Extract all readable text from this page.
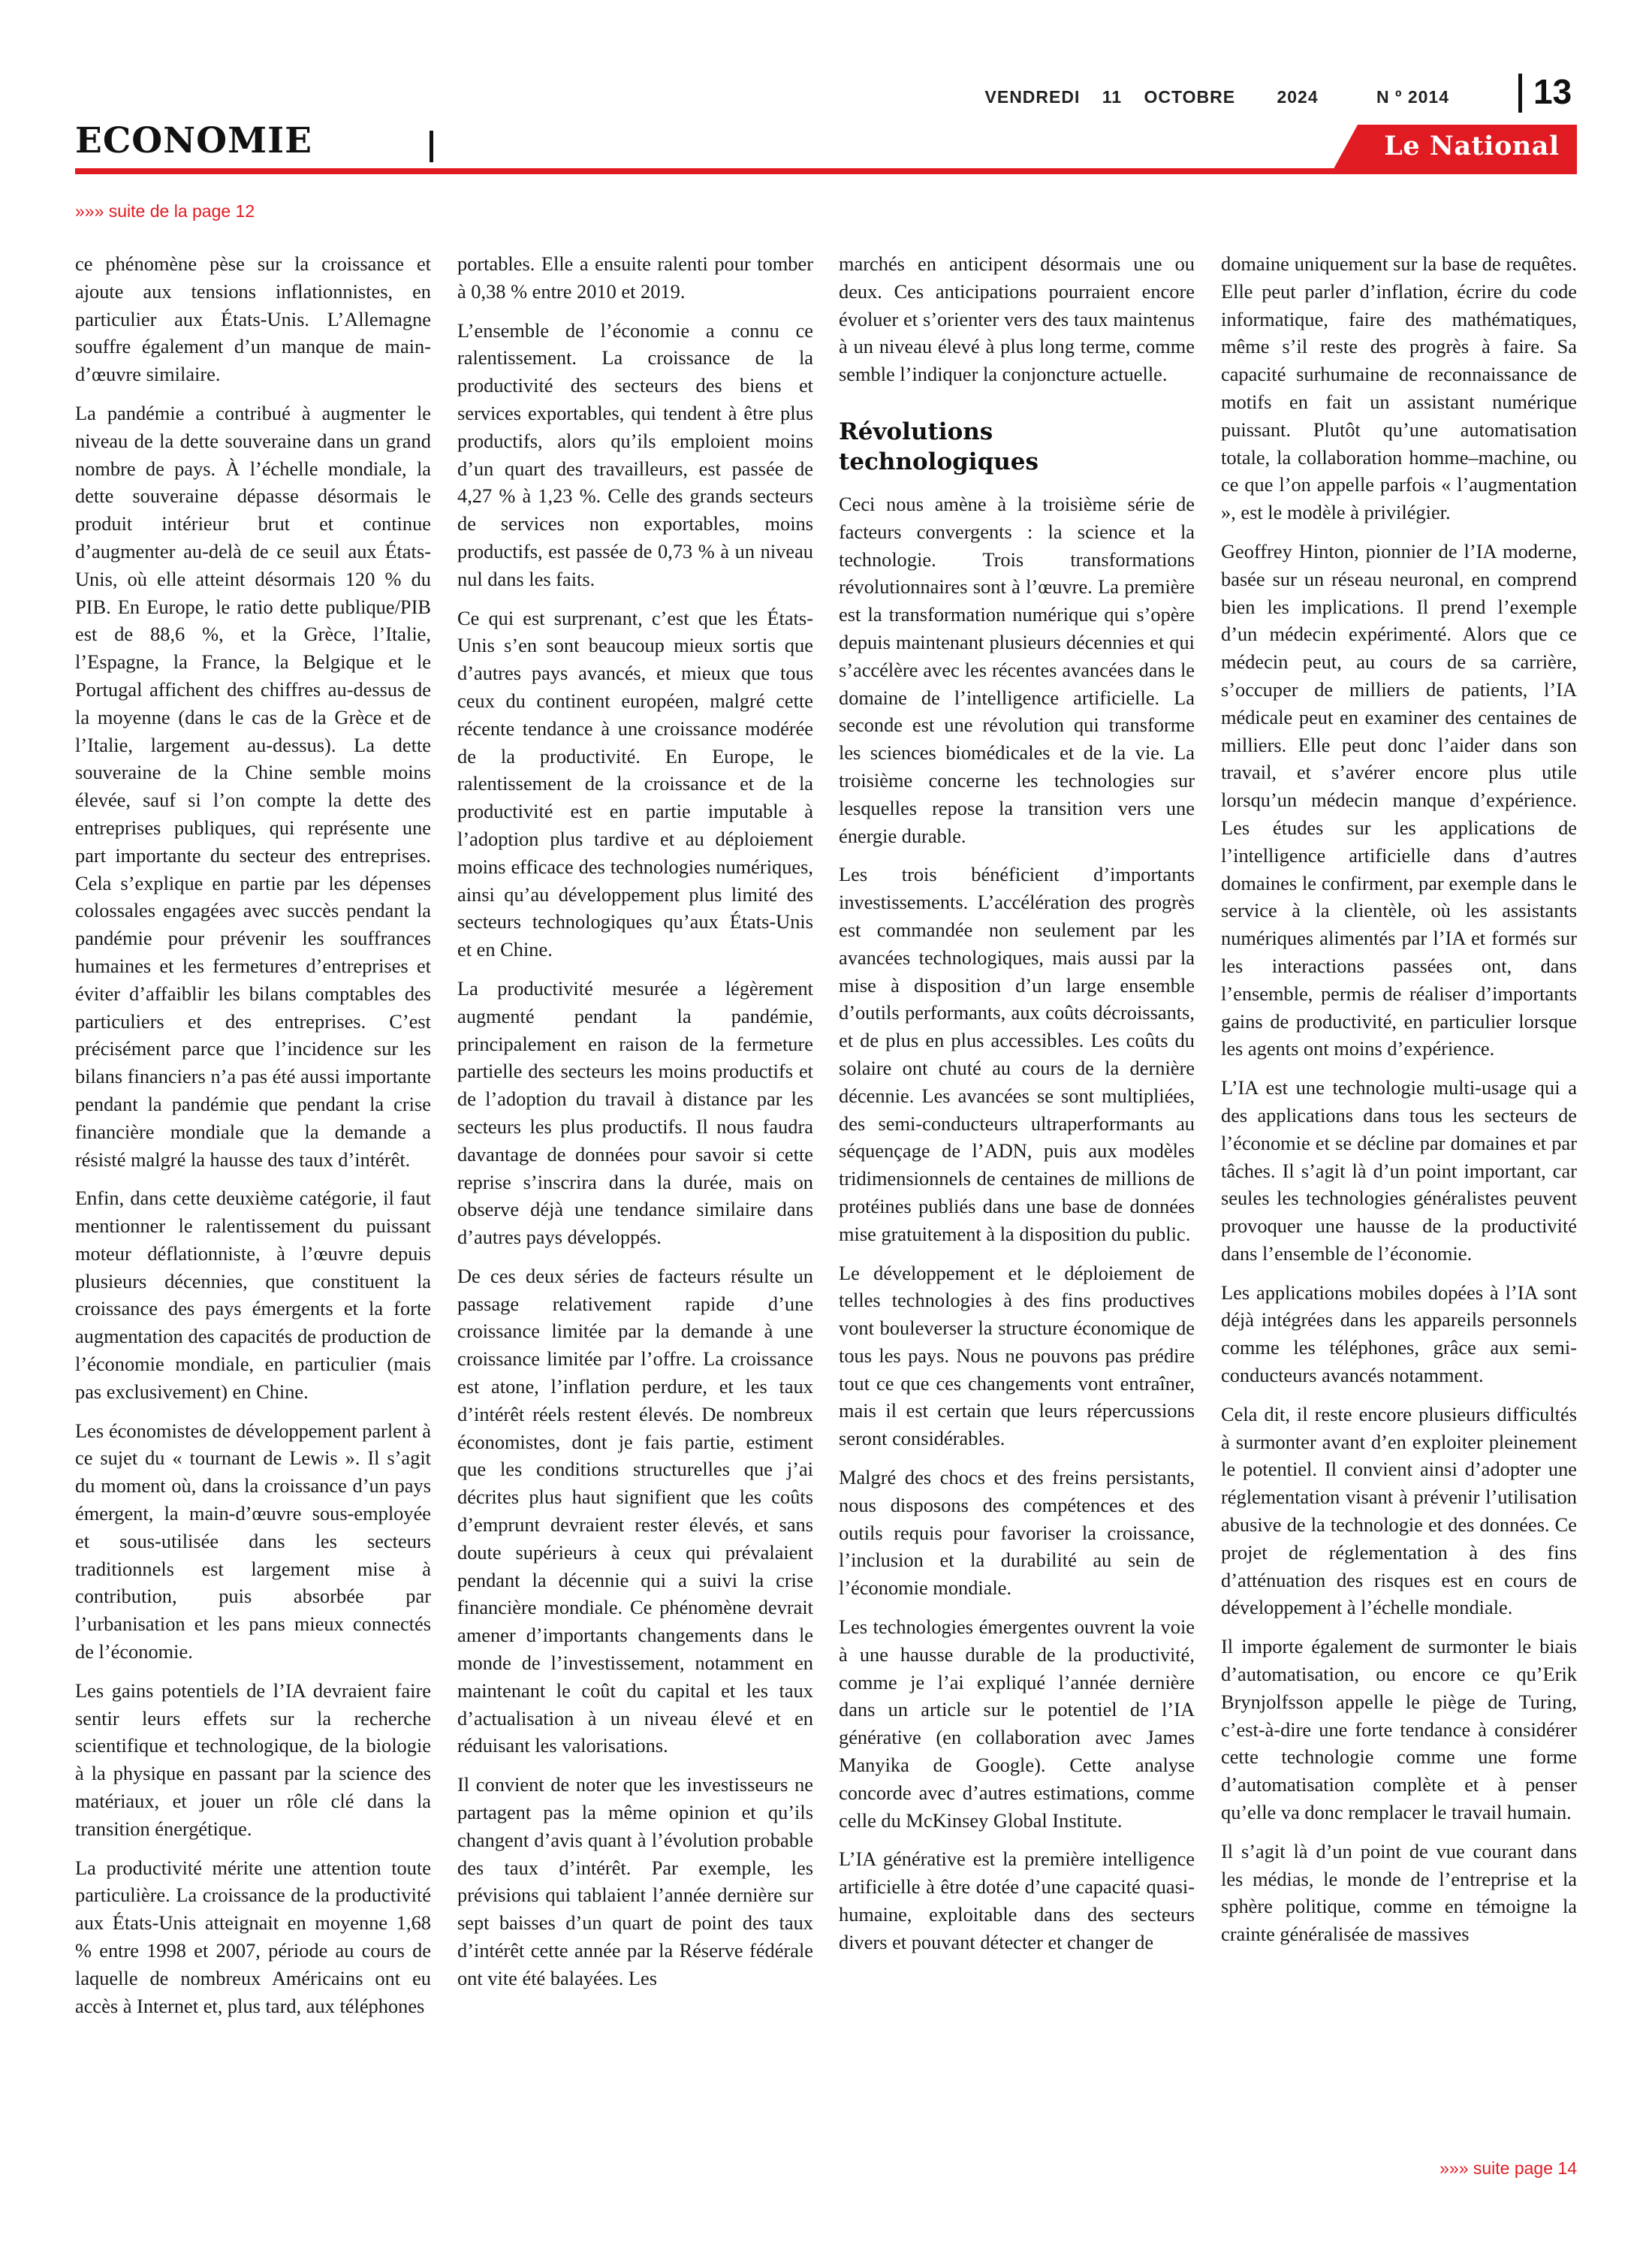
VENDREDI 11 OCTOBRE 2024	N º 2014 13
ECONOMIE	Le National
»»» suite de la page 12

ce phénomène pèse sur la croissance et ajoute aux tensions inflationnistes, en particulier aux États-Unis. L’Allemagne souffre également d’un manque de main-d’œuvre similaire.

La pandémie a contribué à augmenter le niveau de la dette souveraine dans un grand nombre de pays. À l’échelle mondiale, la dette souveraine dépasse désormais le produit intérieur brut et continue d’augmenter au-delà de ce seuil aux États-Unis, où elle atteint désormais 120 % du PIB. En Europe, le ratio dette publique/PIB est de 88,6 %, et la Grèce, l’Italie, l’Espagne, la France, la Belgique et le Portugal affichent des chiffres au-dessus de la moyenne (dans le cas de la Grèce et de l’Italie, largement au-dessus). La dette souveraine de la Chine semble moins élevée, sauf si l’on compte la dette des entreprises publiques, qui représente une part importante du secteur des entreprises. Cela s’explique en partie par les dépenses colossales engagées avec succès pendant la pandémie pour prévenir les souffrances humaines et les fermetures d’entreprises et éviter d’affaiblir les bilans comptables des particuliers et des entreprises. C’est précisément parce que l’incidence sur les bilans financiers n’a pas été aussi importante pendant la pandémie que pendant la crise financière mondiale que la demande a résisté malgré la hausse des taux d’intérêt.

Enfin, dans cette deuxième catégorie, il faut mentionner le ralentissement du puissant moteur déflationniste, à l’œuvre depuis plusieurs décennies, que constituent la croissance des pays émergents et la forte augmentation des capacités de production de l’économie mondiale, en particulier (mais pas exclusivement) en Chine.

Les économistes de développement parlent à ce sujet du « tournant de Lewis ». Il s’agit du moment où, dans la croissance d’un pays émergent, la main-d’œuvre sous-employée et sous-utilisée dans les secteurs traditionnels est largement mise à contribution, puis absorbée par l’urbanisation et les pans mieux connectés de l’économie.

Les gains potentiels de l’IA devraient faire sentir leurs effets sur la recherche scientifique et technologique, de la biologie à la physique en passant par la science des matériaux, et jouer un rôle clé dans la transition énergétique.

La productivité mérite une attention toute particulière. La croissance de la productivité aux États-Unis atteignait en moyenne 1,68 % entre 1998 et 2007, période au cours de laquelle de nombreux Américains ont eu accès à Internet et, plus tard, aux téléphones

portables. Elle a ensuite ralenti pour tomber à 0,38 % entre 2010 et 2019.

L’ensemble de l’économie a connu ce ralentissement. La croissance de la productivité des secteurs des biens et services exportables, qui tendent à être plus productifs, alors qu’ils emploient moins d’un quart des travailleurs, est passée de 4,27 % à 1,23 %. Celle des grands secteurs de services non exportables, moins productifs, est passée de 0,73 % à un niveau nul dans les faits.

Ce qui est surprenant, c’est que les États-Unis s’en sont beaucoup mieux sortis que d’autres pays avancés, et mieux que tous ceux du continent européen, malgré cette récente tendance à une croissance modérée de la productivité. En Europe, le ralentissement de la croissance et de la productivité est en partie imputable à l’adoption plus tardive et au déploiement moins efficace des technologies numériques, ainsi qu’au développement plus limité des secteurs technologiques qu’aux États-Unis et en Chine.

La productivité mesurée a légèrement augmenté pendant la pandémie, principalement en raison de la fermeture partielle des secteurs les moins productifs et de l’adoption du travail à distance par les secteurs les plus productifs. Il nous faudra davantage de données pour savoir si cette reprise s’inscrira dans la durée, mais on observe déjà une tendance similaire dans d’autres pays développés.

De ces deux séries de facteurs résulte un passage relativement rapide d’une croissance limitée par la demande à une croissance limitée par l’offre. La croissance est atone, l’inflation perdure, et les taux d’intérêt réels restent élevés. De nombreux économistes, dont je fais partie, estiment que les conditions structurelles que j’ai décrites plus haut signifient que les coûts d’emprunt devraient rester élevés, et sans doute supérieurs à ceux qui prévalaient pendant la décennie qui a suivi la crise financière mondiale. Ce phénomène devrait amener d’importants changements dans le monde de l’investissement, notamment en maintenant le coût du capital et les taux d’actualisation à un niveau élevé et en réduisant les valorisations.

Il convient de noter que les investisseurs ne partagent pas la même opinion et qu’ils changent d’avis quant à l’évolution probable des taux d’intérêt. Par exemple, les prévisions qui tablaient l’année dernière sur sept baisses d’un quart de point des taux d’intérêt cette année par la Réserve fédérale ont vite été balayées. Les

marchés en anticipent désormais une ou deux. Ces anticipations pourraient encore évoluer et s’orienter vers des taux maintenus à un niveau élevé à plus long terme, comme semble l’indiquer la conjoncture actuelle.

Révolutions technologiques

Ceci nous amène à la troisième série de facteurs convergents : la science et la technologie. Trois transformations révolutionnaires sont à l’œuvre. La première est la transformation numérique qui s’opère depuis maintenant plusieurs décennies et qui s’accélère avec les récentes avancées dans le domaine de l’intelligence artificielle. La seconde est une révolution qui transforme les sciences biomédicales et de la vie. La troisième concerne les technologies sur lesquelles repose la transition vers une énergie durable.

Les trois bénéficient d’importants investissements. L’accélération des progrès est commandée non seulement par les avancées technologiques, mais aussi par la mise à disposition d’un large ensemble d’outils performants, aux coûts décroissants, et de plus en plus accessibles. Les coûts du solaire ont chuté au cours de la dernière décennie. Les avancées se sont multipliées, des semi-conducteurs ultraperformants au séquençage de l’ADN, puis aux modèles tridimensionnels de centaines de millions de protéines publiés dans une base de données mise gratuitement à la disposition du public.

Le développement et le déploiement de telles technologies à des fins productives vont bouleverser la structure économique de tous les pays. Nous ne pouvons pas prédire tout ce que ces changements vont entraîner, mais il est certain que leurs répercussions seront considérables.

Malgré des chocs et des freins persistants, nous disposons des compétences et des outils requis pour favoriser la croissance, l’inclusion et la durabilité au sein de l’économie mondiale.

Les technologies émergentes ouvrent la voie à une hausse durable de la productivité, comme je l’ai expliqué l’année dernière dans un article sur le potentiel de l’IA générative (en collaboration avec James Manyika de Google). Cette analyse concorde avec d’autres estimations, comme celle du McKinsey Global Institute.

L’IA générative est la première intelligence artificielle à être dotée d’une capacité quasi-humaine, exploitable dans des secteurs divers et pouvant détecter et changer de

domaine uniquement sur la base de requêtes. Elle peut parler d’inflation, écrire du code informatique, faire des mathématiques, même s’il reste des progrès à faire. Sa capacité surhumaine de reconnaissance de motifs en fait un assistant numérique puissant. Plutôt qu’une automatisation totale, la collaboration homme–machine, ou ce que l’on appelle parfois « l’augmentation », est le modèle à privilégier.

Geoffrey Hinton, pionnier de l’IA moderne, basée sur un réseau neuronal, en comprend bien les implications. Il prend l’exemple d’un médecin expérimenté. Alors que ce médecin peut, au cours de sa carrière, s’occuper de milliers de patients, l’IA médicale peut en examiner des centaines de milliers. Elle peut donc l’aider dans son travail, et s’avérer encore plus utile lorsqu’un médecin manque d’expérience. Les études sur les applications de l’intelligence artificielle dans d’autres domaines le confirment, par exemple dans le service à la clientèle, où les assistants numériques alimentés par l’IA et formés sur les interactions passées ont, dans l’ensemble, permis de réaliser d’importants gains de productivité, en particulier lorsque les agents ont moins d’expérience.

L’IA est une technologie multi-usage qui a des applications dans tous les secteurs de l’économie et se décline par domaines et par tâches. Il s’agit là d’un point important, car seules les technologies généralistes peuvent provoquer une hausse de la productivité dans l’ensemble de l’économie.

Les applications mobiles dopées à l’IA sont déjà intégrées dans les appareils personnels comme les téléphones, grâce aux semi-conducteurs avancés notamment.

Cela dit, il reste encore plusieurs difficultés à surmonter avant d’en exploiter pleinement le potentiel. Il convient ainsi d’adopter une réglementation visant à prévenir l’utilisation abusive de la technologie et des données. Ce projet de réglementation à des fins d’atténuation des risques est en cours de développement à l’échelle mondiale.

Il importe également de surmonter le biais d’automatisation, ou encore ce qu’Erik Brynjolfsson appelle le piège de Turing, c’est-à-dire une forte tendance à considérer cette technologie comme une forme d’automatisation complète et à penser qu’elle va donc remplacer le travail humain.

Il s’agit là d’un point de vue courant dans les médias, le monde de l’entreprise et la sphère politique, comme en témoigne la crainte généralisée de massives

»»» suite page 14
